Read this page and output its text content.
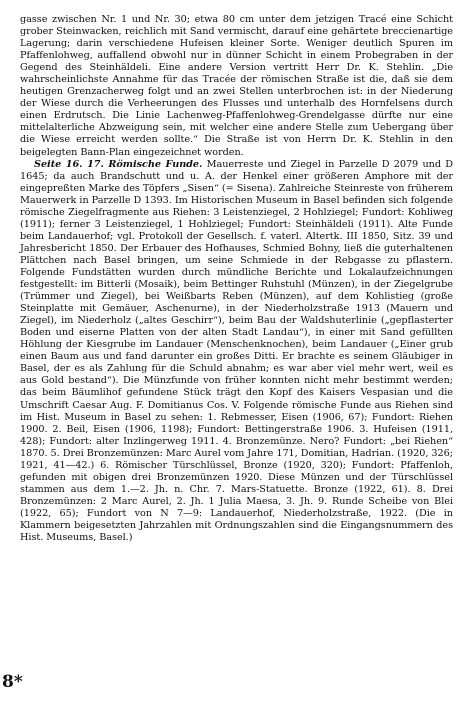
gasse zwischen Nr. 1 und Nr. 30; etwa 80 cm unter dem jetzigen Tracé eine Schicht grober Steinwacken, reichlich mit Sand vermischt, darauf eine gehärtete breccienartige Lagerung; darin verschiedene Hufeisen kleiner Sorte. Weniger deutlich Spuren im Pfaffenlohweg, auffallend obwohl nur in dünner Schicht in einem Probegraben in der Gegend des Steinhäldeli. Eine andere Version vertritt Herr Dr. K. Stehlin. „Die wahrscheinlichste Annahme für das Tracée der römischen Straße ist die, daß sie dem heutigen Grenzacherweg folgt und an zwei Stellen unterbrochen ist: in der Niederung der Wiese durch die Verheerungen des Flusses und unterhalb des Hornfelsens durch einen Erdrutsch. Die Linie Lachenweg-Pfaffenlohweg-Grendelgasse dürfte nur eine mittelalterliche Abzweigung sein, mit welcher eine andere Stelle zum Uebergang über die Wiese erreicht werden sollte.“ Die Straße ist von Herrn Dr. K. Stehlin in den beigelegten Bann-Plan eingezeichnet worden.

Seite 16. 17. Römische Funde. Mauerreste und Ziegel in Parzelle D 2079 und D 1645; da auch Brandschutt und u. A. der Henkel einer größeren Amphore mit der eingepreßten Marke des Töpfers „Sisen“ (= Sisena). Zahlreiche Steinreste von früherem Mauerwerk in Parzelle D 1393. Im Historischen Museum in Basel befinden sich folgende römische Ziegelfragmente aus Riehen: 3 Leistenziegel, 2 Hohlziegel; Fundort: Kohliweg (1911); ferner 3 Leistenziegel, 1 Hohlziegel; Fundort: Steinhäldeli (1911). Alte Funde beim Landauerhof; vgl. Protokoll der Gesellsch. f. vaterl. Altertk. III 1850, Sitz. 39 und Jahresbericht 1850. Der Erbauer des Hofhauses, Schmied Bohny, ließ die guterhaltenen Plättchen nach Basel bringen, um seine Schmiede in der Rebgasse zu pflastern. Folgende Fundstätten wurden durch mündliche Berichte und Lokalaufzeichnungen festgestellt: im Bitterli (Mosaik), beim Bettinger Ruhstuhl (Münzen), in der Ziegelgrube (Trümmer und Ziegel), bei Weißbarts Reben (Münzen), auf dem Kohlistieg (große Steinplatte mit Gemäuer, Aschenurne), in der Niederholzstraße 1913 (Mauern und Ziegel), im Niederholz („altes Geschirr“), beim Bau der Waldshuterlinie („gepflasterter Boden und eiserne Platten von der alten Stadt Landau“), in einer mit Sand gefüllten Höhlung der Kiesgrube im Landauer (Menschenknochen), beim Landauer („Einer grub einen Baum aus und fand darunter ein großes Ditti. Er brachte es seinem Gläubiger in Basel, der es als Zahlung für die Schuld abnahm; es war aber viel mehr wert, weil es aus Gold bestand“). Die Münzfunde von früher konnten nicht mehr bestimmt werden; das beim Bäumlihof gefundene Stück trägt den Kopf des Kaisers Vespasian und die Umschrift Caesar Aug. F. Domitianus Cos. V. Folgende römische Funde aus Riehen sind im Hist. Museum in Basel zu sehen: 1. Rebmesser, Eisen (1906, 67); Fundort: Riehen 1900. 2. Beil, Eisen (1906, 1198); Fundort: Bettingerstraße 1906. 3. Hufeisen (1911, 428); Fundort: alter Inzlingerweg 1911. 4. Bronzemünze. Nero? Fundort: „bei Riehen“ 1870. 5. Drei Bronzemünzen: Marc Aurel vom Jahre 171, Domitian, Hadrian. (1920, 326; 1921, 41—42.) 6. Römischer Türschlüssel, Bronze (1920, 320); Fundort: Pfaffenloh, gefunden mit obigen drei Bronzemünzen 1920. Diese Münzen und der Türschlüssel stammen aus dem 1.—2. Jh. n. Chr. 7. Mars-Statuette. Bronze (1922, 61). 8. Drei Bronzemünzen: 2 Marc Aurel, 2. Jh. 1 Julia Maesa, 3. Jh. 9. Runde Scheibe von Blei (1922, 65); Fundort von N 7—9: Landauerhof, Niederholzstraße, 1922. (Die in Klammern beigesetzten Jahrzahlen mit Ordnungszahlen sind die Eingangsnummern des Hist. Museums, Basel.)

8*
